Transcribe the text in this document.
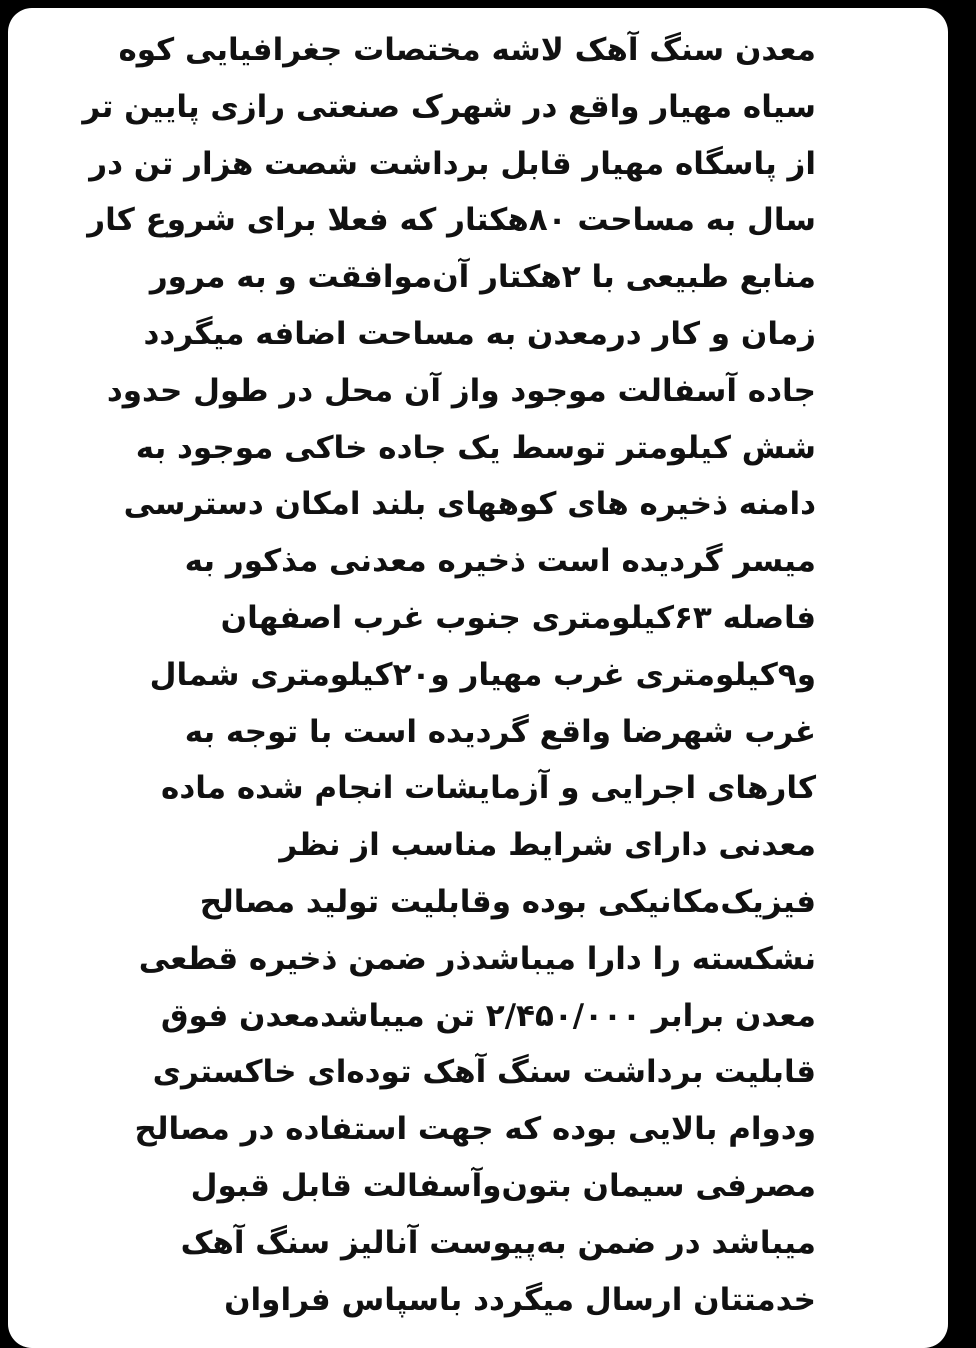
معدن سنگ آهک لاشه مختصات جغرافیایی کوه
سیاه مهیار واقع در شهرک صنعتی رازی پایین تر
از پاسگاه مهیار قابل برداشت شصت هزار تن در
سال به مساحت ۸۰هکتار که فعلا برای شروع کار
منابع طبیعی با ۲هکتار آن‌موافقت و به مرور
زمان و کار درمعدن به مساحت اضافه میگردد
جاده آسفالت موجود واز آن محل در طول حدود
شش کیلومتر توسط یک جاده خاکی موجود به
دامنه ذخیره های کوههای بلند امکان دسترسی
میسر گردیده است ذخیره معدنی مذکور به
فاصله ۶۳کیلومتری جنوب غرب اصفهان
و۹کیلومتری غرب مهیار و۲۰کیلومتری شمال
غرب شهرضا واقع گردیده است با توجه به
کارهای اجرایی و آزمایشات انجام شده ماده
معدنی دارای شرایط مناسب از نظر
فیزیک‌مکانیکی بوده وقابلیت تولید مصالح
نشکسته را دارا میباشدذر ضمن ذخیره قطعی
معدن برابر ۲/۴۵۰/۰۰۰ تن میباشدمعدن فوق
قابلیت برداشت سنگ آهک توده‌ای خاکستری
ودوام بالایی بوده که جهت استفاده در مصالح
مصرفی سیمان بتون‌وآسفالت قابل قبول
میباشد در ضمن به‌پیوست آنالیز سنگ آهک
خدمتتان ارسال میگردد باسپاس فراوان
